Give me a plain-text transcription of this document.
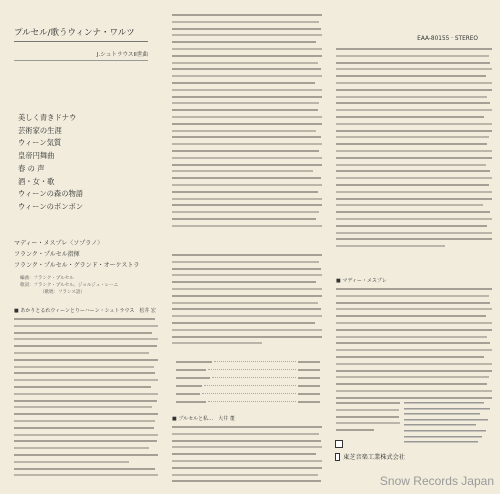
プルセル/歌うウィンナ・ワルツ
J.シュトラウスII世曲
美しく青きドナウ
芸術家の生涯
ウィーン気質
皇帝円舞曲
春 の 声
酒・女・歌
ウィーンの森の物語
ウィーンのボンボン
マディー・メスプレ〈ソプラノ〉
フランク・プルセル指揮
フランク・プルセル・グランド・オーケストラ
編曲：フランク・プルセル
歌詞：フランク・プルセル、ジョルジュ・レーニ
（歌唱：フランス語）
EAA-80155 · STEREO
■ あかりとるれウィーンとりーハーン・シュトラウス　松井 宏
■ プルセルと私…　大井 董
■ マディー・メスプレ
東芝音楽工業株式会社
Snow Records Japan
